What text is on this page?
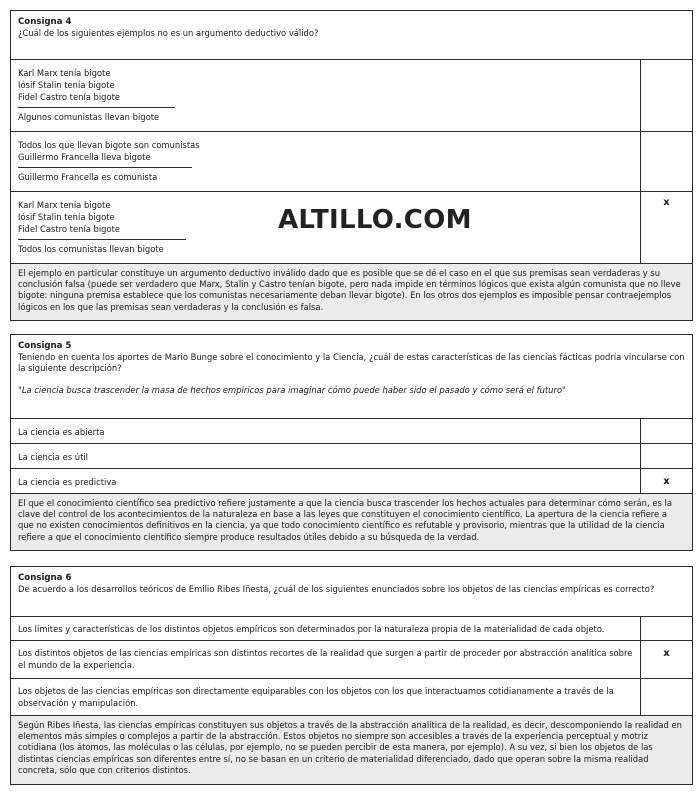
Consigna 4
¿Cuál de los siguientes ejemplos no es un argumento deductivo válido?
Karl Marx tenía bigote
Iósif Stalin tenía bigote
Fidel Castro tenía bigote
Algunos comunistas llevan bigote
Todos los que llevan bigote son comunistas
Guillermo Francella lleva bigote
Guillermo Francella es comunista
Karl Marx tenía bigote
Iósif Stalin tenía bigote
Fidel Castro tenía bigote
Todos los comunistas llevan bigote
x
El ejemplo en particular constituye un argumento deductivo inválido dado que es posible que se dé el caso en el que sus premisas sean verdaderas y su conclusión falsa (puede ser verdadero que Marx, Stalin y Castro tenían bigote, pero nada impide en términos lógicos que exista algún comunista que no lleve bigote: ninguna premisa establece que los comunistas necesariamente deban llevar bigote). En los otros dos ejemplos es imposible pensar contraejemplos lógicos en los que las premisas sean verdaderas y la conclusión es falsa.
ALTILLO.COM
Consigna 5
Teniendo en cuenta los aportes de Mario Bunge sobre el conocimiento y la Ciencia, ¿cuál de estas características de las ciencias fácticas podría vincularse con la siguiente descripción?
"La ciencia busca trascender la masa de hechos empíricos para imaginar cómo puede haber sido el pasado y cómo será el futuro"
La ciencia es abierta
La ciencia es útil
La ciencia es predictiva	x
El que el conocimiento científico sea predictivo refiere justamente a que la ciencia busca trascender los hechos actuales para determinar cómo serán, es la clave del control de los acontecimientos de la naturaleza en base a las leyes que constituyen el conocimiento científico. La apertura de la ciencia refiere a que no existen conocimientos definitivos en la ciencia, ya que todo conocimiento científico es refutable y provisorio, mientras que la utilidad de la ciencia refiere a que el conocimiento científico siempre produce resultados útiles debido a su búsqueda de la verdad.
Consigna 6
De acuerdo a los desarrollos teóricos de Emilio Ribes Iñesta, ¿cuál de los siguientes enunciados sobre los objetos de las ciencias empíricas es correcto?
Los límites y características de los distintos objetos empíricos son determinados por la naturaleza propia de la materialidad de cada objeto.
Los distintos objetos de las ciencias empíricas son distintos recortes de la realidad que surgen a partir de proceder por abstracción analítica sobre el mundo de la experiencia.
x
Los objetos de las ciencias empíricas son directamente equiparables con los objetos con los que interactuamos cotidianamente a través de la observación y manipulación.
Según Ribes Iñesta, las ciencias empíricas constituyen sus objetos a través de la abstracción analítica de la realidad, es decir, descomponiendo la realidad en elementos más simples o complejos a partir de la abstracción. Estos objetos no siempre son accesibles a través de la experiencia perceptual y motriz cotidiana (los átomos, las moléculas o las células, por ejemplo, no se pueden percibir de esta manera, por ejemplo). A su vez, si bien los objetos de las distintas ciencias empíricas son diferentes entre sí, no se basan en un criterio de materialidad diferenciado, dado que operan sobre la misma realidad concreta, sólo que con criterios distintos.
